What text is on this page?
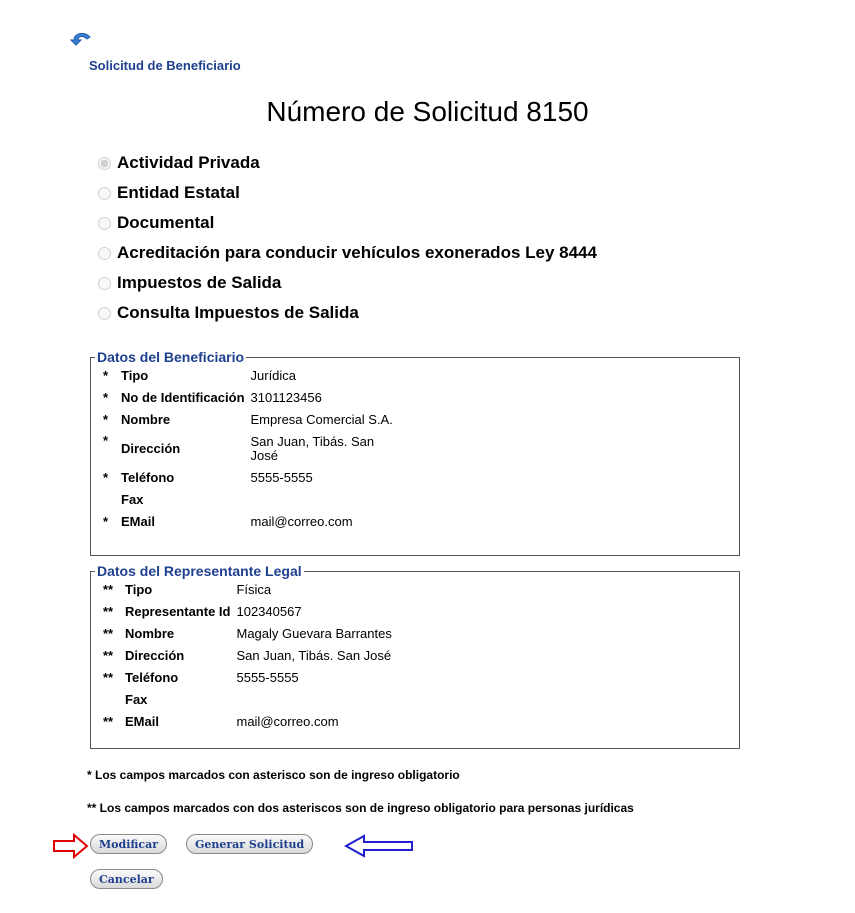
Solicitud de Beneficiario
Número de Solicitud 8150
Actividad Privada
Entidad Estatal
Documental
Acreditación para conducir vehículos exonerados Ley 8444
Impuestos de Salida
Consulta Impuestos de Salida
Datos del Beneficiario
*	Tipo	Jurídica
*	No de Identificación	3101123456
*	Nombre	Empresa Comercial S.A.
*	Dirección	San Juan, Tibás. San José
*	Teléfono	5555-5555
	Fax	
*	EMail	mail@correo.com
Datos del Representante Legal
**	Tipo	Física
**	Representante Id	102340567
**	Nombre	Magaly Guevara Barrantes
**	Dirección	San Juan, Tibás. San José
**	Teléfono	5555-5555
	Fax	
**	EMail	mail@correo.com
* Los campos marcados con asterisco son de ingreso obligatorio
** Los campos marcados con dos asteriscos son de ingreso obligatorio para personas jurídicas
Modificar	Generar Solicitud
Cancelar
